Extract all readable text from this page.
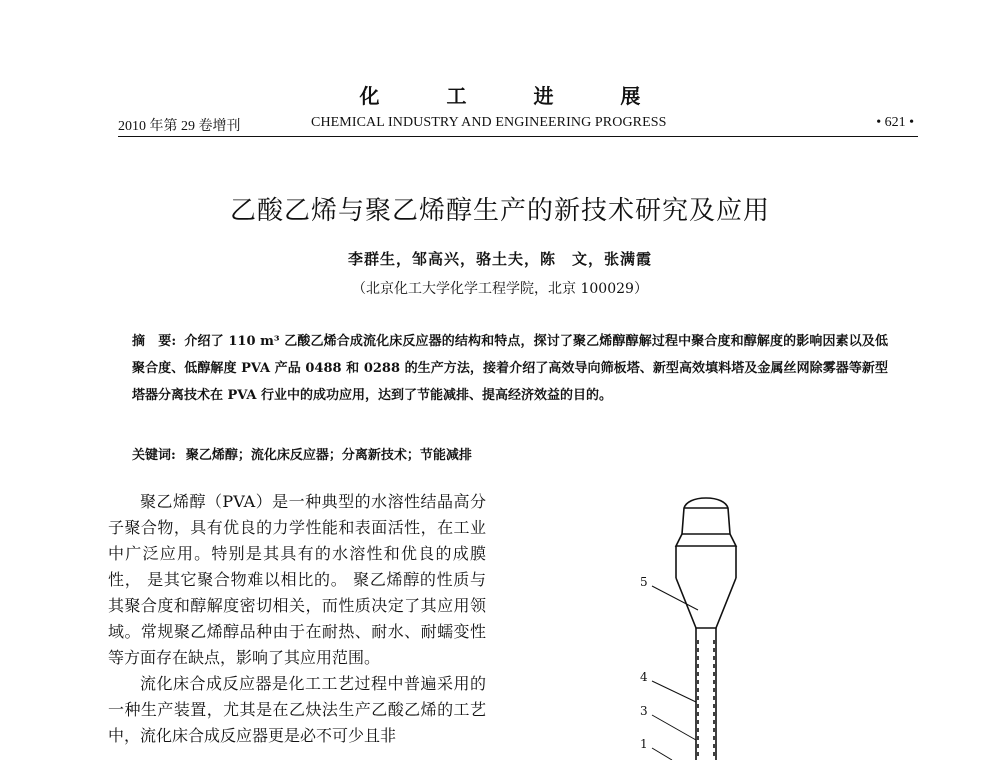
化 工 进 展
2010 年第 29 卷增刊	CHEMICAL INDUSTRY AND ENGINEERING PROGRESS	• 621 •
乙酸乙烯与聚乙烯醇生产的新技术研究及应用
李群生，邹高兴，骆土夫，陈　文，张满霞
（北京化工大学化学工程学院，北京 100029）
摘　要: 介绍了 110 m³ 乙酸乙烯合成流化床反应器的结构和特点，探讨了聚乙烯醇醇解过程中聚合度和醇解度的影响因素以及低聚合度、低醇解度 PVA 产品 0488 和 0288 的生产方法，接着介绍了高效导向筛板塔、新型高效填料塔及金属丝网除雾器等新型塔器分离技术在 PVA 行业中的成功应用，达到了节能减排、提高经济效益的目的。
关键词: 聚乙烯醇；流化床反应器；分离新技术；节能减排

聚乙烯醇（PVA）是一种典型的水溶性结晶高分子聚合物，具有优良的力学性能和表面活性，在工业中广泛应用。特别是其具有的水溶性和优良的成膜性， 是其它聚合物难以相比的。 聚乙烯醇的性质与其聚合度和醇解度密切相关，而性质决定了其应用领域。常规聚乙烯醇品种由于在耐热、耐水、耐蠕变性等方面存在缺点，影响了其应用范围。

流化床合成反应器是化工工艺过程中普遍采用的一种生产装置，尤其是在乙炔法生产乙酸乙烯的工艺中，流化床合成反应器更是必不可少且非

5
4
3
1
